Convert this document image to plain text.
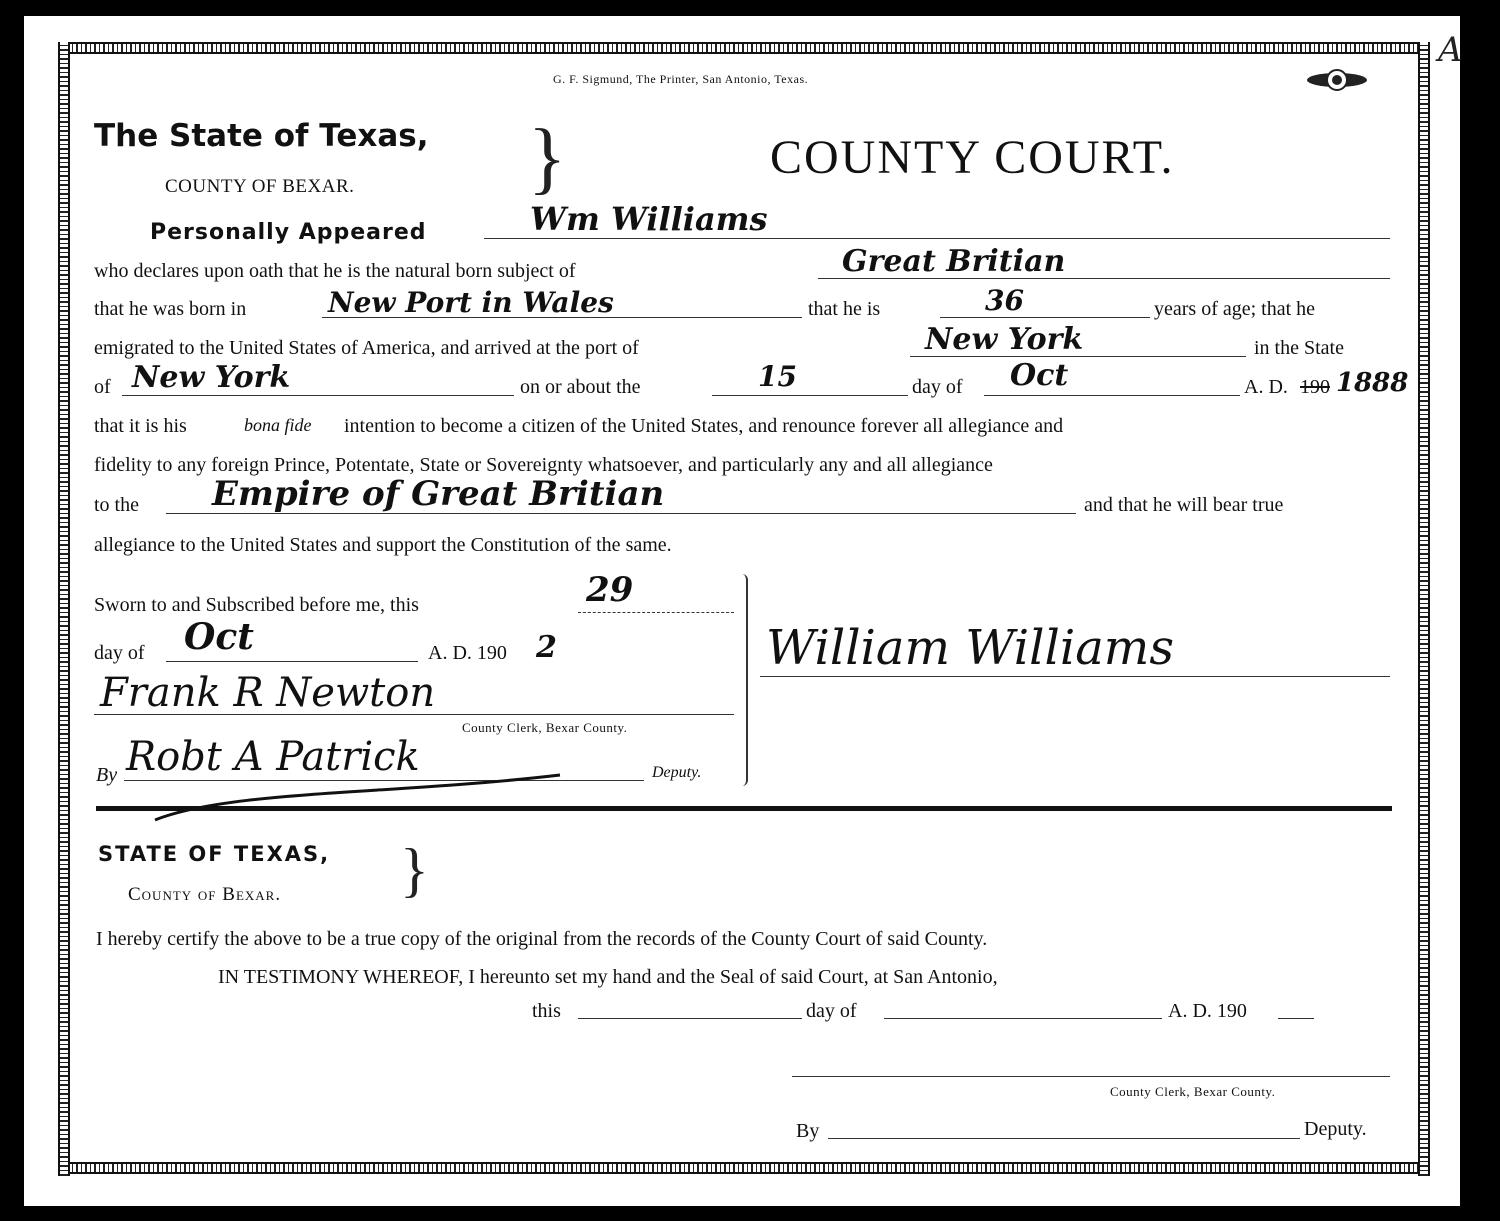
A
G. F. Sigmund, The Printer, San Antonio, Texas.
The State of Texas, }	COUNTY COURT.
COUNTY OF BEXAR.
Personally Appeared	Wm Williams
who declares upon oath that he is the natural born subject of	Great Britian
that he was born in	New Port in Wales	that he is	36	years of age; that he
emigrated to the United States of America, and arrived at the port of	New York	in the State
of New York	on or about the	15	day of Oct	A. D. 190 1888
that it is his	bona fide intention to become a citizen of the United States, and renounce forever all allegiance and
fidelity to any foreign Prince, Potentate, State or Sovereignty whatsoever, and particularly any and all allegiance
to the Empire of Great Britian	and that he will bear true
allegiance to the United States and support the Constitution of the same.
Sworn to and Subscribed before me, this	29
day of Oct	A. D. 190 2
Frank R Newton
County Clerk, Bexar County.
By Robt A Patrick	Deputy.
William Williams
STATE OF TEXAS, }
County of Bexar.
I hereby certify the above to be a true copy of the original from the records of the County Court of said County.
IN TESTIMONY WHEREOF, I hereunto set my hand and the Seal of said Court, at San Antonio,
this	day of	A. D. 190
County Clerk, Bexar County.
By	Deputy.
